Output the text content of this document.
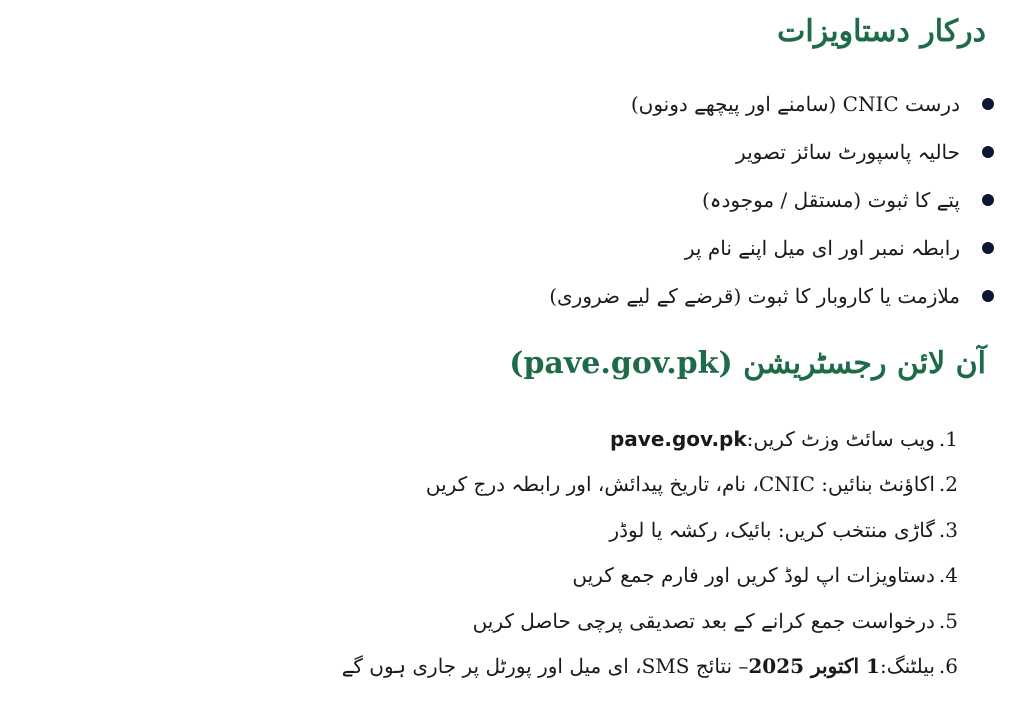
درکار دستاویزات
درست CNIC (سامنے اور پیچھے دونوں)
حالیہ پاسپورٹ سائز تصویر
پتے کا ثبوت (مستقل / موجودہ)
رابطہ نمبر اور ای میل اپنے نام پر
ملازمت یا کاروبار کا ثبوت (قرضے کے لیے ضروری)
آن لائن رجسٹریشن (pave.gov.pk)
1.
ویب سائٹ وزٹ کریں:
pave.gov.pk
2.
اکاؤنٹ بنائیں: CNIC، نام، تاریخ پیدائش، اور رابطہ درج کریں
3.
گاڑی منتخب کریں: بائیک، رکشہ یا لوڈر
4.
دستاویزات اپ لوڈ کریں اور فارم جمع کریں
5.
درخواست جمع کرانے کے بعد تصدیقی پرچی حاصل کریں
6.
بیلٹنگ:
1 اکتوبر 2025
– نتائج SMS، ای میل اور پورٹل پر جاری ہوں گے
